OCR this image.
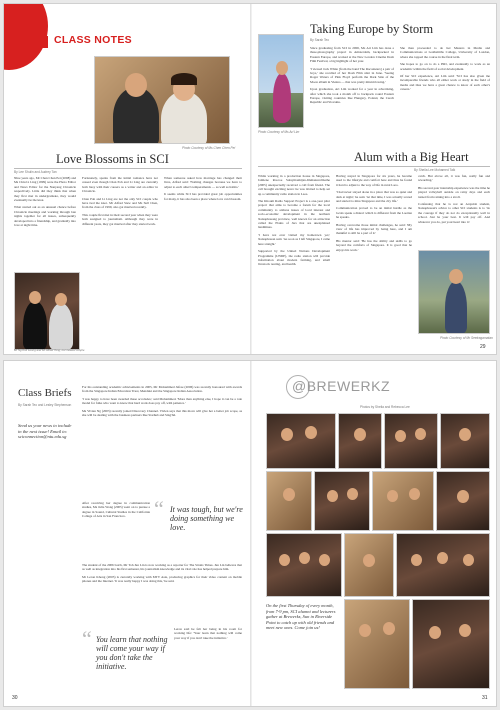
CLASS NOTES
Photo Courtesy of Ms Chen Chen Pei
Love Blossoms in SCI
By Lee Shulin and Audrey Tan

Nine years ago, Mr Chan Chan Pei (2008) and Ms Chiu Li Ling (1999) were the Photo Editor and News Editor for the Nanyang Chronicle respectively. Little did they think that when they first met in undergraduate, they would eventually tie the knot.

What started out as an unusual chance before Chronicle meetings and working through late nights together for all issues, subsequently developed into a friendship, and gradually into love at night time.

Fortunately, sparks from the initial romance have not ceased even though Chan Poh and Li Ling are currently both busy with their careers as a writer and an editor in Chronicle.

Chan Poh and Li Ling are not the only SCI couple who have tied the knot. Mr Alfred Siew and Ms Sull Chen, from the class of 1999, also got married recently.

This couple first met in their second year when they were both assigned to journalism. Although they were in different years, they got married after they started work.

When someone asked how marriage has changed their lives, Alfred said: 'Nothing changes because we have to adjust to each other's temperaments — as well as habits.'

It seems while SCI has provided great job opportunities for many, it has also been a place where love can blossom.

Mr Ng Kok Leong and Mr Alfred Teng, our newest couple
Taking Europe by Storm
By Sarah Teo
Photo Courtesy of Ms Ari Lim

Since graduating from SCI in 2006, Ms Ari Lim has done a three-photography project in Amsterdam, backpacked in Eastern Europe, and worked at the New London Cinema Dosh Film Festival, a big highlight of her year.

'I viewed Jack White [from the band The Raconteurs] a pair of boys,' she recalled of her Dosh Film stint in June. 'Seeing Roger Waters of Pink Floyd perform the Dark Side of the Moon album in Vienna — that was pretty mind-blowing.'

Upon graduation, Ari Lim worked for a year in advertising, after which she took a month off to backpack round Eastern Europe, visiting countries like Hungary, Poland, the Czech Republic and Slovakia.

She then proceeded to do her Masters in Media and Communications at Goldsmiths College, University of London, where she topped the course in the final term.

She hopes to go on to do a PhD, and eventually to work as an academic within the field of social development.

Of her SCI experience, Ari Lim said: 'SCI has also given me incomparable friends who all either work or study in the field of media and thus we have a great chance to know of each other's careers.'

Alum with a Big Heart
By Sheila Lee Mohamed Talk

While working in a production house in Singapore, Jamlene Roscoe Sulaymanhijan-Immanuvelmathe (2005) unexpectedly received a call from friend. The call brought exciting news: he was invited to help set up a community radio station in Laos.

The Khoum Radio Support Project is a one-year pilot project that aims to become a forum for the local community to address issues of local interest and socio-economic development in the northern Xaisaphouang province, well known for an attraction called the Plains of Jars that are unexplained landmines.

'I have not ever visited my hometown yet,' Xaisaphouan said. 'As soon as I left Singapore, I came here straight.'

Supported by the United Nations Development Programme (UNDP), the radio station will provide information about modern farming, and small livestock rearing, and health.

Having stayed in Singapore for six years, he became used to the lifestyle and comfort here and thus he found it hard to adjust to the way of life in rural Laos.

'I had never stayed alone in a place that was so quiet and dark at night,' he said. 'At that time, I was actually scared and started to miss Singapore and the city life.'

Communication proved to be an initial hurdle as the locals speak a dialect which is different from the Laotian he speaks.

Having overcome those initial challenges, he said: 'My view of life has improved by being here, and I am thankful to still be a part of it.'

His mentor said: 'He has the ability and skills to go beyond the comforts of Singapore. It is good that he enjoys his work.'

catch. But above all, it was fun, really fun and rewarding.'

His second-year internship experience was the time he played volleyball outside on rainy days and each turned from raining into a stroll.

Confessing that he is not an Arajaloh student, Xaisaphouan's advice to other SCI students is to 'do the courage if they do not do exceptionally well in school. Just be your best. It will pay off. And whatever you do, put your heart into it.'

Photo Courtesy of Mr Seetragamatan
29
Class Briefs
By Sarah Teo and Lesley Stephenson
Send us your news to include in the next issue! Email to: sciconnection@ntu.edu.sg

For his outstanding academic achievements in 2005, Mr Mohammed Jafree (2006) was recently honoured with awards from the Singapore Indian Education Trust, Mendaki and the Singapore Indian Association.

'I was happy to have been awarded these accolades,' said Mohammed. 'More than anything else, I hope it can be a role model for folks who want to know that hard work does pay off, with patience.'

Ms Vivien Ng (2003) recently joined Discovery Channel. Vivien says that this move will give her a better job scope, as she will be dealing with the business partners like Starhub and SingTel.

After receiving her degree in communication studies, Ms Julia Wong (2005) went on to pursue a degree in Sound, Cultural Studies in the California College of Arts in San Francisco.	“ It was tough, but we're doing something we love.

The student of the 2006 batch, Mr Toh Jun Lin is now working as a reporter for The Straits Times. Jun Lin believes that as well as integration into his first semester, his journalism knowledge and its vital role has helped prepare him.

Mr Leron Khong (2003) is currently working with MTV Asia, producing graphics for their video content on mobile phones and the Internet. 'It was really happy I was doing this,' he said.

“ You learn that nothing will come your way if you don't take the initiative.

Leron said he felt her being in his room for working life: 'Your learn that nothing will come your way if you don't take the initiative.'

30
@BREWERKZ
Photos by Sheila and Rebecca Lee
On the first Thursday of every month, from 7-9 pm, SCI alumni and lecturers gather at Brewerkz, Sun in Riverside Point to catch up with old friends and meet new ones. Come join us!
31
